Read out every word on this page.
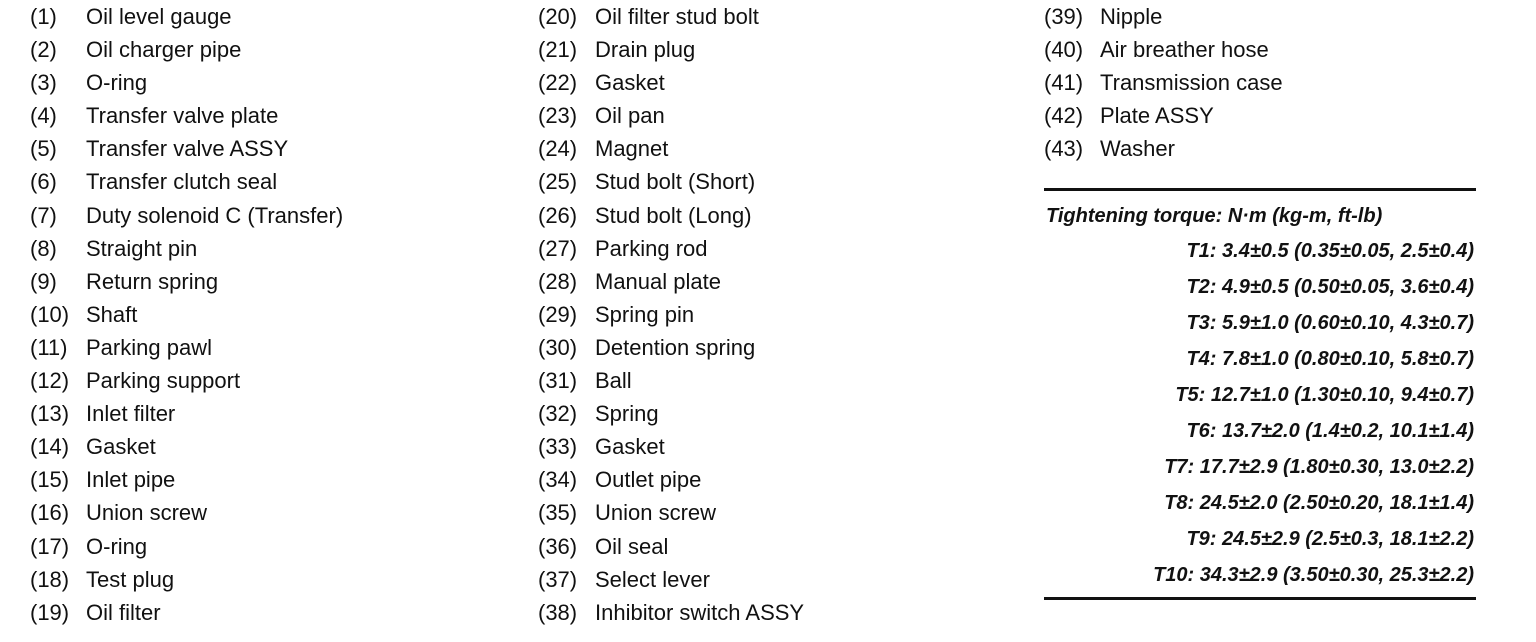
(1)	Oil level gauge
(2)	Oil charger pipe
(3)	O-ring
(4)	Transfer valve plate
(5)	Transfer valve ASSY
(6)	Transfer clutch seal
(7)	Duty solenoid C (Transfer)
(8)	Straight pin
(9)	Return spring
(10) Shaft
(11) Parking pawl
(12) Parking support
(13) Inlet filter
(14) Gasket
(15) Inlet pipe
(16) Union screw
(17) O-ring
(18) Test plug
(19) Oil filter
(20) Oil filter stud bolt
(21) Drain plug
(22) Gasket
(23) Oil pan
(24) Magnet
(25) Stud bolt (Short)
(26) Stud bolt (Long)
(27) Parking rod
(28) Manual plate
(29) Spring pin
(30) Detention spring
(31) Ball
(32) Spring
(33) Gasket
(34) Outlet pipe
(35) Union screw
(36) Oil seal
(37) Select lever
(38) Inhibitor switch ASSY
(39) Nipple
(40) Air breather hose
(41) Transmission case
(42) Plate ASSY
(43) Washer
Tightening torque: N·m (kg-m, ft-lb)
T1: 3.4±0.5 (0.35±0.05, 2.5±0.4)
T2: 4.9±0.5 (0.50±0.05, 3.6±0.4)
T3: 5.9±1.0 (0.60±0.10, 4.3±0.7)
T4: 7.8±1.0 (0.80±0.10, 5.8±0.7)
T5: 12.7±1.0 (1.30±0.10, 9.4±0.7)
T6: 13.7±2.0 (1.4±0.2, 10.1±1.4)
T7: 17.7±2.9 (1.80±0.30, 13.0±2.2)
T8: 24.5±2.0 (2.50±0.20, 18.1±1.4)
T9: 24.5±2.9 (2.5±0.3, 18.1±2.2)
T10: 34.3±2.9 (3.50±0.30, 25.3±2.2)
